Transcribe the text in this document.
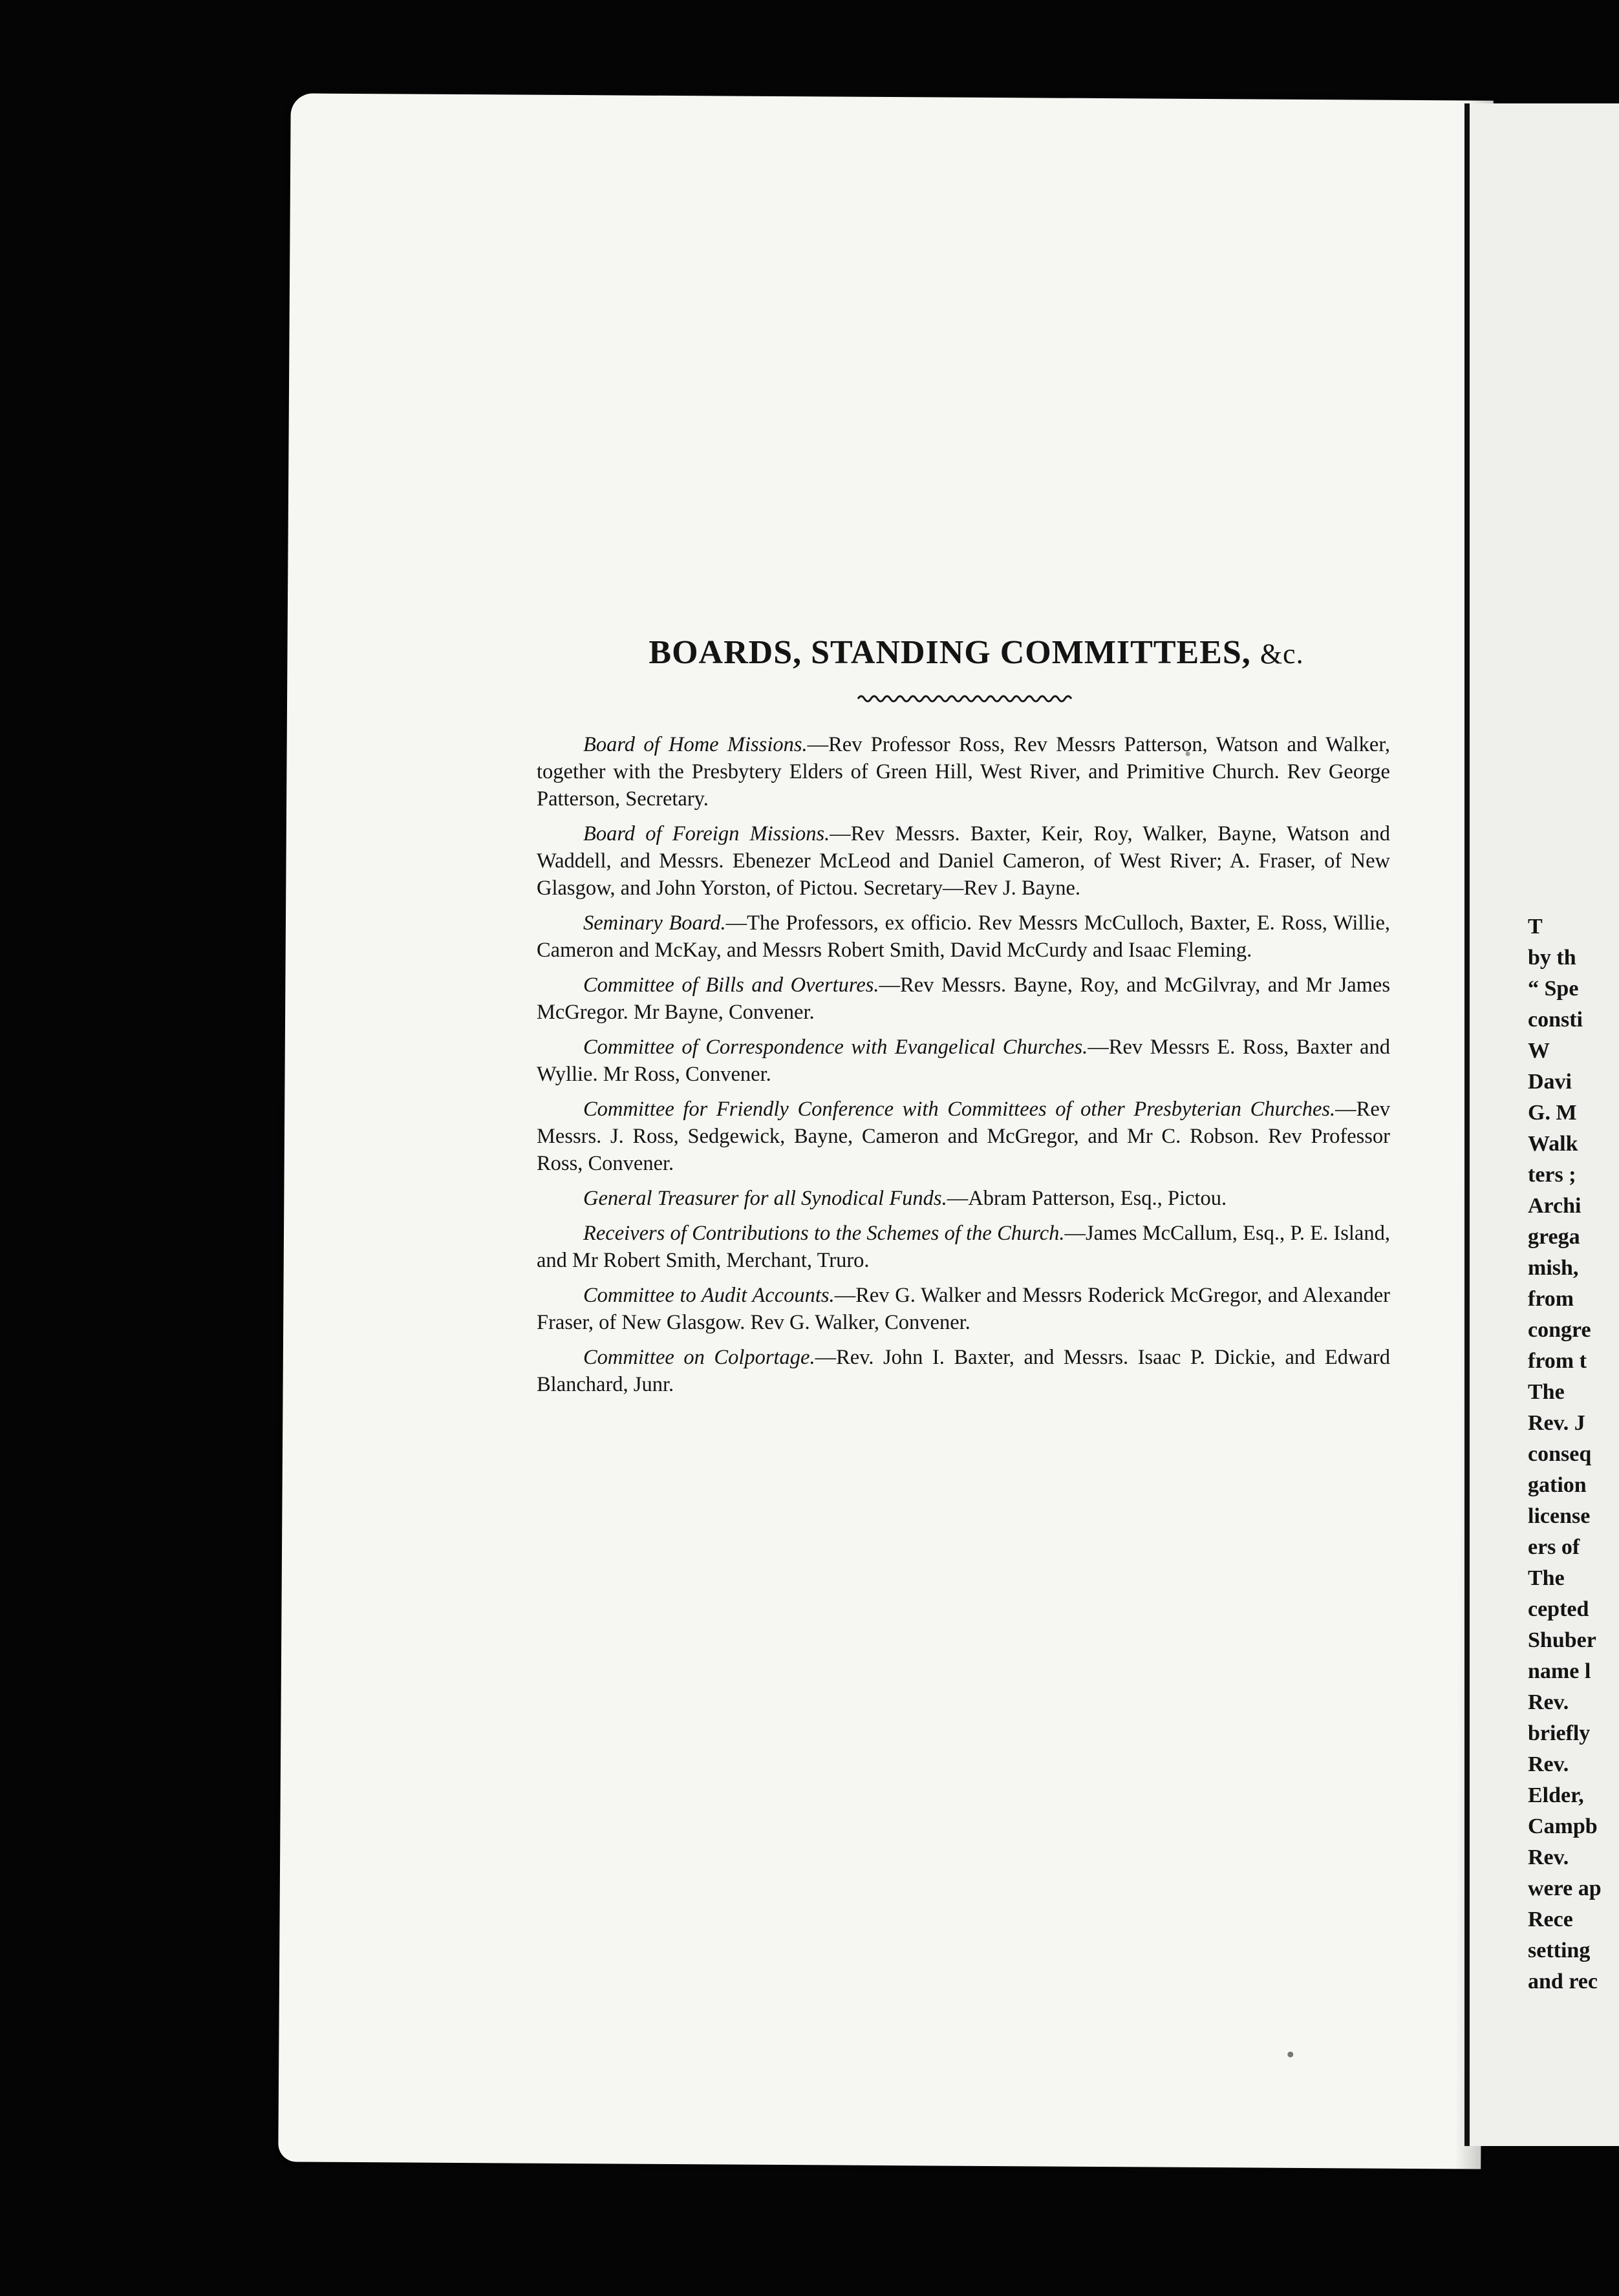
T
by th
“ Spe
consti
W
Davi
G. M
Walk
ters ;
Archi
grega
mish,
from
congre
from t
The
Rev. J
conseq
gation
license
ers of
The
cepted
Shuber
name l
Rev.
briefly
Rev.
Elder,
Campb
Rev.
were ap
Rece
setting
and rec
BOARDS, STANDING COMMITTEES, &c.

Board of Home Missions.—Rev Professor Ross, Rev Messrs Patterson, Watson and Walker, together with the Presbytery Elders of Green Hill, West River, and Primitive Church. Rev George Patterson, Secretary.

Board of Foreign Missions.—Rev Messrs. Baxter, Keir, Roy, Walker, Bayne, Watson and Waddell, and Messrs. Ebenezer McLeod and Daniel Cameron, of West River; A. Fraser, of New Glasgow, and John Yorston, of Pictou. Secretary—Rev J. Bayne.

Seminary Board.—The Professors, ex officio. Rev Messrs McCulloch, Baxter, E. Ross, Willie, Cameron and McKay, and Messrs Robert Smith, David McCurdy and Isaac Fleming.

Committee of Bills and Overtures.—Rev Messrs. Bayne, Roy, and McGilvray, and Mr James McGregor. Mr Bayne, Convener.

Committee of Correspondence with Evangelical Churches.—Rev Messrs E. Ross, Baxter and Wyllie. Mr Ross, Convener.

Committee for Friendly Conference with Committees of other Presbyterian Churches.—Rev Messrs. J. Ross, Sedgewick, Bayne, Cameron and McGregor, and Mr C. Robson. Rev Professor Ross, Convener.

General Treasurer for all Synodical Funds.—Abram Patterson, Esq., Pictou.

Receivers of Contributions to the Schemes of the Church.—James McCallum, Esq., P. E. Island, and Mr Robert Smith, Merchant, Truro.

Committee to Audit Accounts.—Rev G. Walker and Messrs Roderick McGregor, and Alexander Fraser, of New Glasgow. Rev G. Walker, Convener.

Committee on Colportage.—Rev. John I. Baxter, and Messrs. Isaac P. Dickie, and Edward Blanchard, Junr.
